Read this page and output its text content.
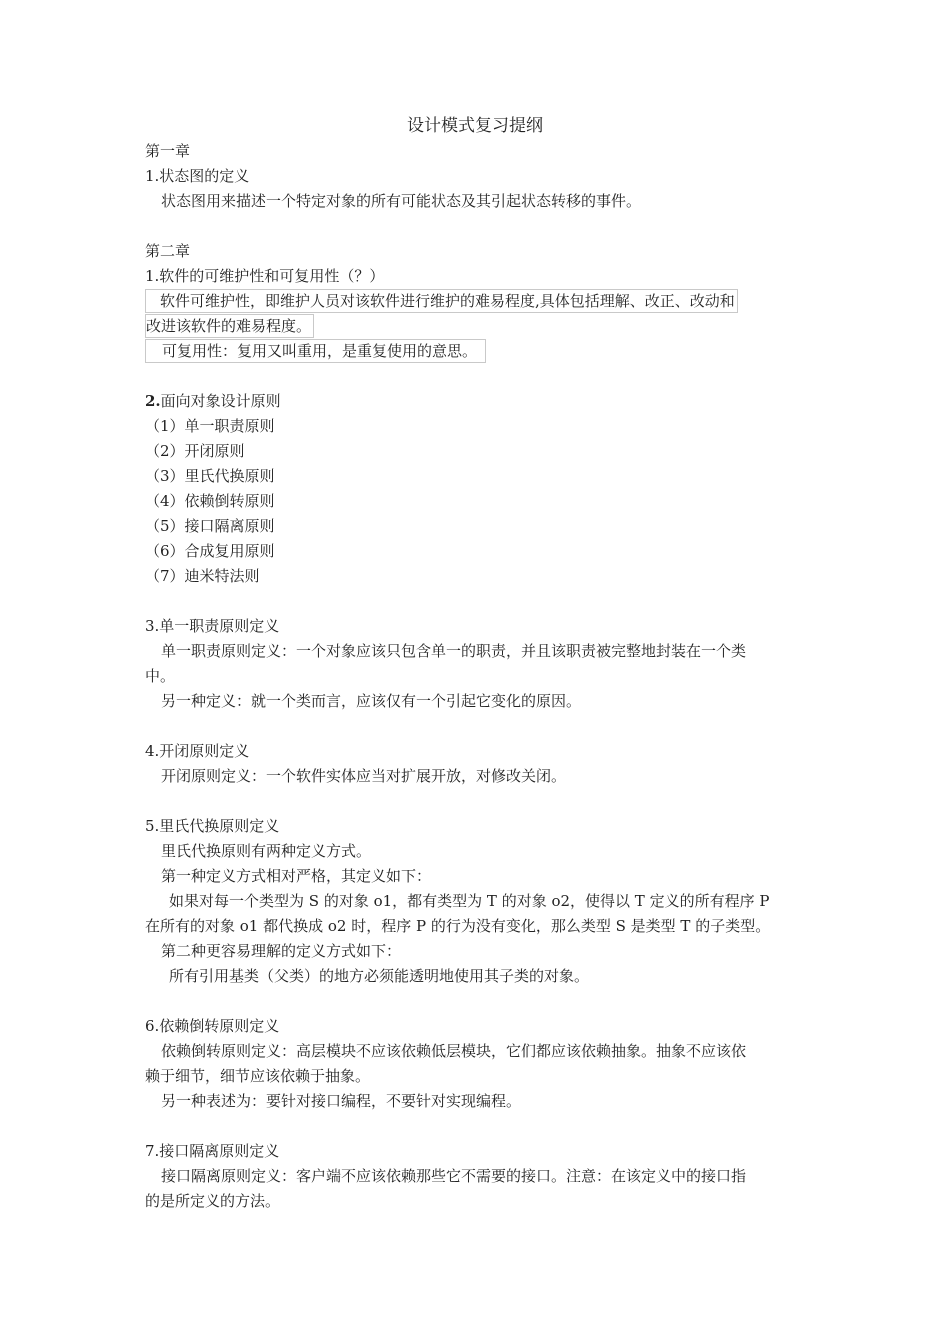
设计模式复习提纲
第一章
1.状态图的定义
状态图用来描述一个特定对象的所有可能状态及其引起状态转移的事件。
第二章
1.软件的可维护性和可复用性（？）
软件可维护性，即维护人员对该软件进行维护的难易程度,具体包括理解、改正、改动和
改进该软件的难易程度。
可复用性：复用又叫重用，是重复使用的意思。
2.面向对象设计原则
（1）单一职责原则
（2）开闭原则
（3）里氏代换原则
（4）依赖倒转原则
（5）接口隔离原则
（6）合成复用原则
（7）迪米特法则
3.单一职责原则定义
单一职责原则定义：一个对象应该只包含单一的职责，并且该职责被完整地封装在一个类
中。
另一种定义：就一个类而言，应该仅有一个引起它变化的原因。
4.开闭原则定义
开闭原则定义：一个软件实体应当对扩展开放，对修改关闭。
5.里氏代换原则定义
里氏代换原则有两种定义方式。
第一种定义方式相对严格，其定义如下：
如果对每一个类型为 S 的对象 o1，都有类型为 T 的对象 o2，使得以 T 定义的所有程序 P
在所有的对象 o1 都代换成 o2 时，程序 P 的行为没有变化，那么类型 S 是类型 T 的子类型。
第二种更容易理解的定义方式如下：
所有引用基类（父类）的地方必须能透明地使用其子类的对象。
6.依赖倒转原则定义
依赖倒转原则定义：高层模块不应该依赖低层模块，它们都应该依赖抽象。抽象不应该依
赖于细节，细节应该依赖于抽象。
另一种表述为：要针对接口编程，不要针对实现编程。
7.接口隔离原则定义
接口隔离原则定义：客户端不应该依赖那些它不需要的接口。注意：在该定义中的接口指
的是所定义的方法。
